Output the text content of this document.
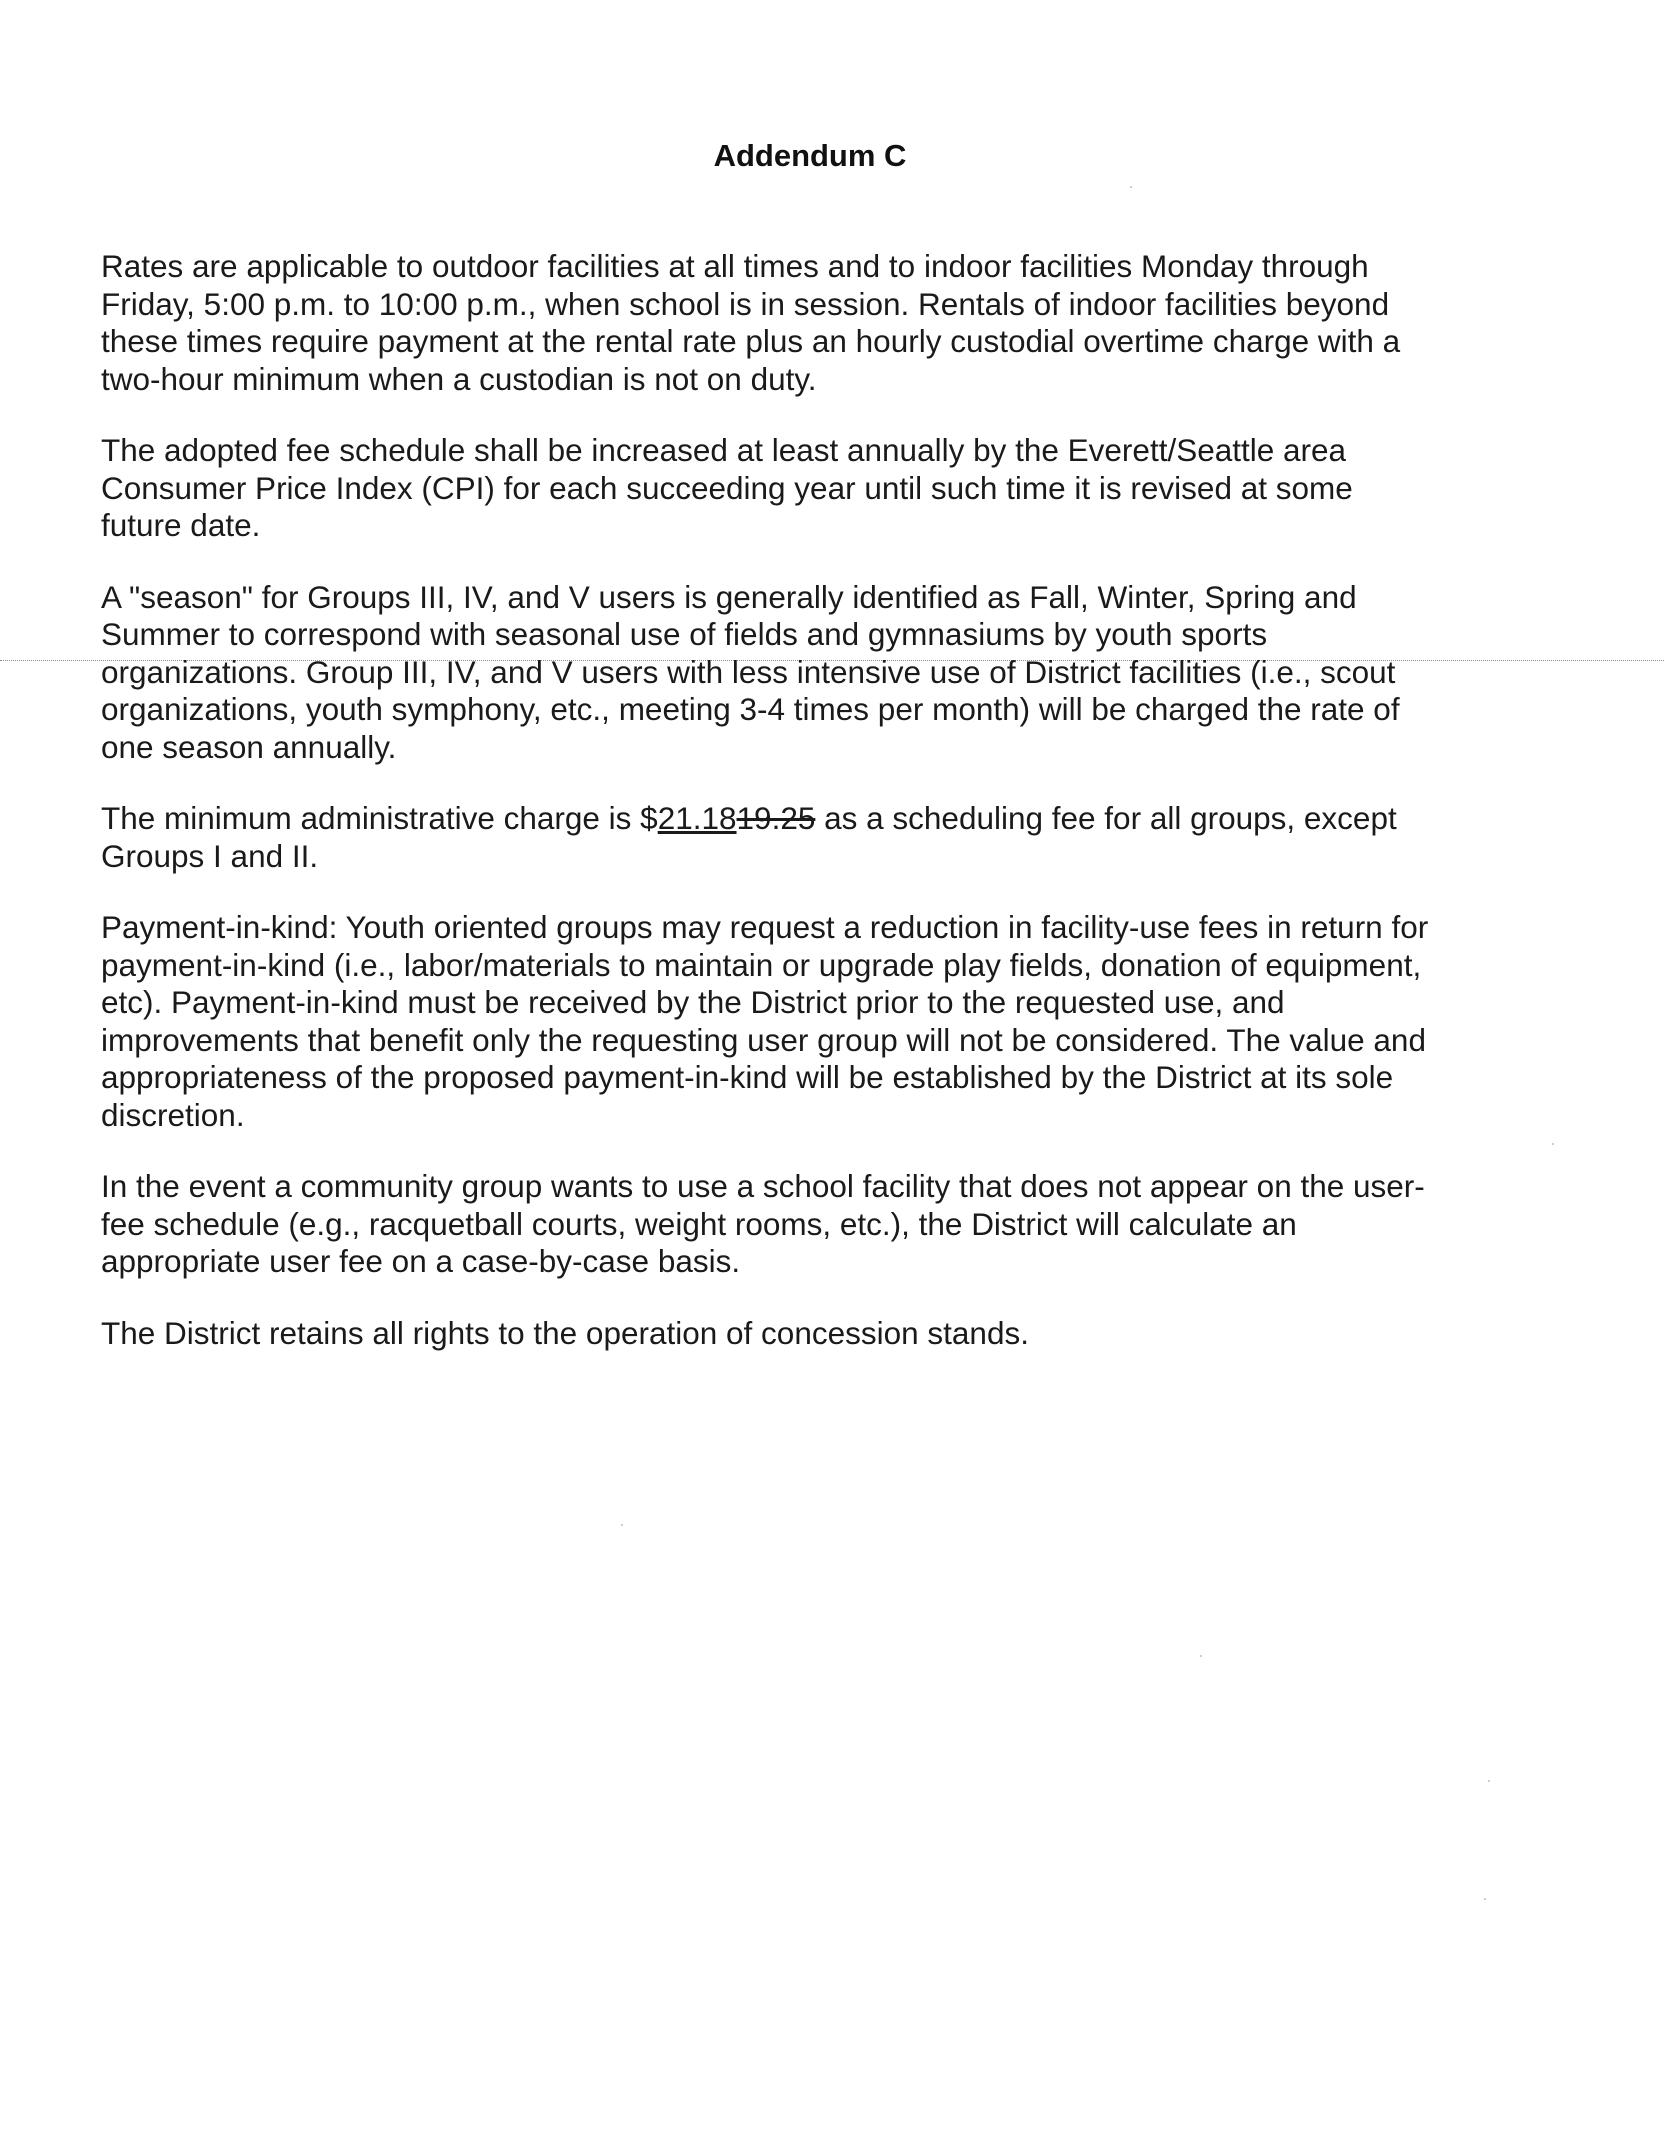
Addendum C

Rates are applicable to outdoor facilities at all times and to indoor facilities Monday through
Friday, 5:00 p.m. to 10:00 p.m., when school is in session. Rentals of indoor facilities beyond
these times require payment at the rental rate plus an hourly custodial overtime charge with a
two-hour minimum when a custodian is not on duty.

The adopted fee schedule shall be increased at least annually by the Everett/Seattle area
Consumer Price Index (CPI) for each succeeding year until such time it is revised at some
future date.

A "season" for Groups III, IV, and V users is generally identified as Fall, Winter, Spring and
Summer to correspond with seasonal use of fields and gymnasiums by youth sports
organizations. Group III, IV, and V users with less intensive use of District facilities (i.e., scout
organizations, youth symphony, etc., meeting 3-4 times per month) will be charged the rate of
one season annually.

The minimum administrative charge is $21.1819.25 as a scheduling fee for all groups, except
Groups I and II.

Payment-in-kind: Youth oriented groups may request a reduction in facility-use fees in return for
payment-in-kind (i.e., labor/materials to maintain or upgrade play fields, donation of equipment,
etc). Payment-in-kind must be received by the District prior to the requested use, and
improvements that benefit only the requesting user group will not be considered. The value and
appropriateness of the proposed payment-in-kind will be established by the District at its sole
discretion.

In the event a community group wants to use a school facility that does not appear on the user-
fee schedule (e.g., racquetball courts, weight rooms, etc.), the District will calculate an
appropriate user fee on a case-by-case basis.

The District retains all rights to the operation of concession stands.
